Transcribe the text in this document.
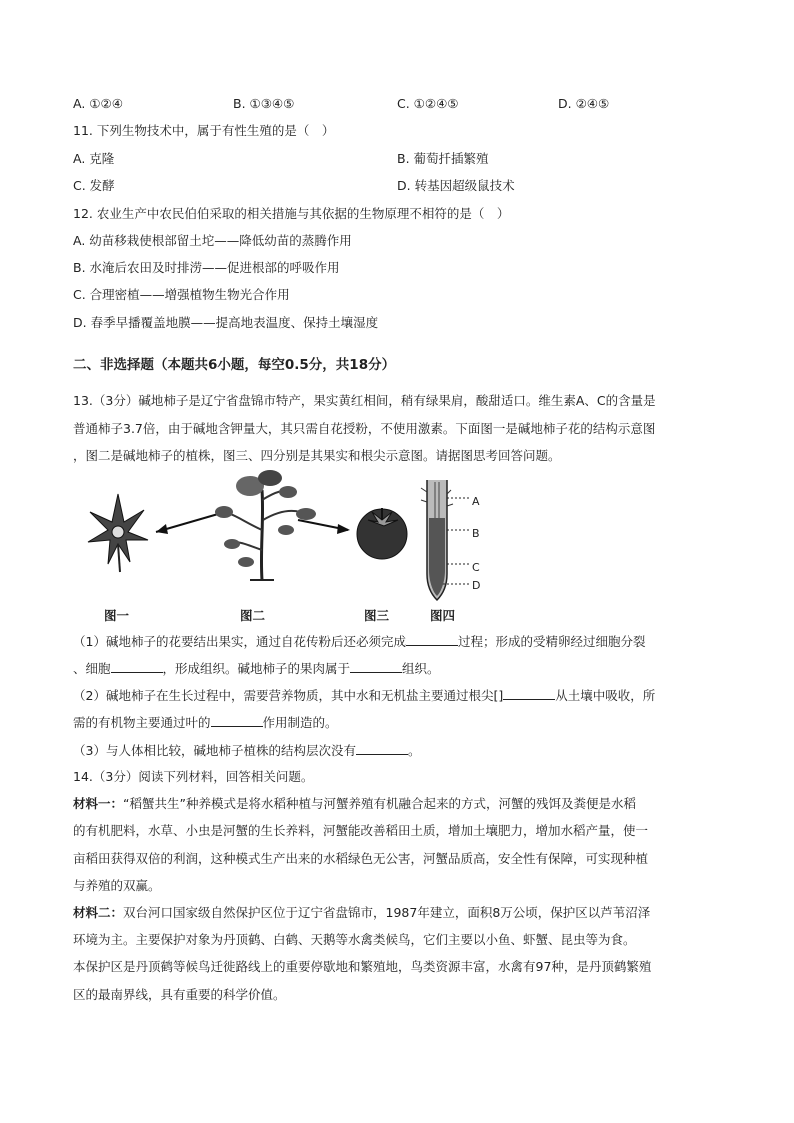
A. ①②④	B. ①③④⑤	C. ①②④⑤	D. ②④⑤
11. 下列生物技术中，属于有性生殖的是（　）
A. 克隆	B. 葡萄扦插繁殖
C. 发酵	D. 转基因超级鼠技术
12. 农业生产中农民伯伯采取的相关措施与其依据的生物原理不相符的是（　）
A. 幼苗移栽使根部留土坨——降低幼苗的蒸腾作用
B. 水淹后农田及时排涝——促进根部的呼吸作用
C. 合理密植——增强植物生物光合作用
D. 春季早播覆盖地膜——提高地表温度、保持土壤湿度
二、非选择题（本题共6小题，每空0.5分，共18分）
13.（3分）碱地柿子是辽宁省盘锦市特产，果实黄红相间，稍有绿果肩，酸甜适口。维生素A、C的含量是
普通柿子3.7倍，由于碱地含钾量大，其只需自花授粉，不使用激素。下面图一是碱地柿子花的结构示意图
，图二是碱地柿子的植株，图三、四分别是其果实和根尖示意图。请据图思考回答问题。
A
B
C
D
图一	图二	图三	图四
（1）碱地柿子的花要结出果实，通过自花传粉后还必须完成	过程；形成的受精卵经过细胞分裂
、细胞	，形成组织。碱地柿子的果肉属于	组织。
（2）碱地柿子在生长过程中，需要营养物质，其中水和无机盐主要通过根尖[]	从土壤中吸收，所
需的有机物主要通过叶的	作用制造的。
（3）与人体相比较，碱地柿子植株的结构层次没有	。
14.（3分）阅读下列材料，回答相关问题。
材料一：“稻蟹共生”种养模式是将水稻种植与河蟹养殖有机融合起来的方式，河蟹的残饵及粪便是水稻
的有机肥料，水草、小虫是河蟹的生长养料，河蟹能改善稻田土质，增加土壤肥力，增加水稻产量，使一
亩稻田获得双倍的利润，这种模式生产出来的水稻绿色无公害，河蟹品质高，安全性有保障，可实现种植
与养殖的双赢。
材料二：双台河口国家级自然保护区位于辽宁省盘锦市，1987年建立，面积8万公顷，保护区以芦苇沼泽
环境为主。主要保护对象为丹顶鹤、白鹤、天鹅等水禽类候鸟，它们主要以小鱼、虾蟹、昆虫等为食。
本保护区是丹顶鹤等候鸟迁徙路线上的重要停歇地和繁殖地，鸟类资源丰富，水禽有97种，是丹顶鹤繁殖
区的最南界线，具有重要的科学价值。
